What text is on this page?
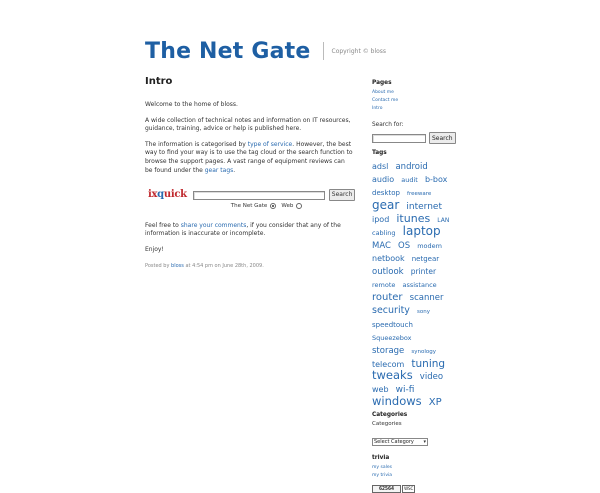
The Net Gate	Copyright © bloss
Intro

Welcome to the home of bloss.

A wide collection of technical notes and information on IT resources, guidance, training, advice or help is published here.

The information is categorised by type of service. However, the best way to find your way is to use the tag cloud or the search function to browse the support pages. A vast range of equipment reviews can be found under the gear tags.

ixquick	Search
The Net Gate	Web

Feel free to share your comments, if you consider that any of the information is inaccurate or incomplete.

Enjoy!

Posted by bloss at 4:54 pm on June 28th, 2009.
Pages
About me
Contact me
Intro
Search for:
Search
Tags
adsl android audio audit b-box desktop freeware gear internet ipod itunes LAN cabling laptop MAC OS modem netbook netgear outlook printer remote assistance router scanner security sony speedtouch Squeezebox storage synology telecom tuning tweaks video web wi-fi windows XP
Categories
Categories
Select Category ▾
trivia
my sales
my trivia
62564	WSC
